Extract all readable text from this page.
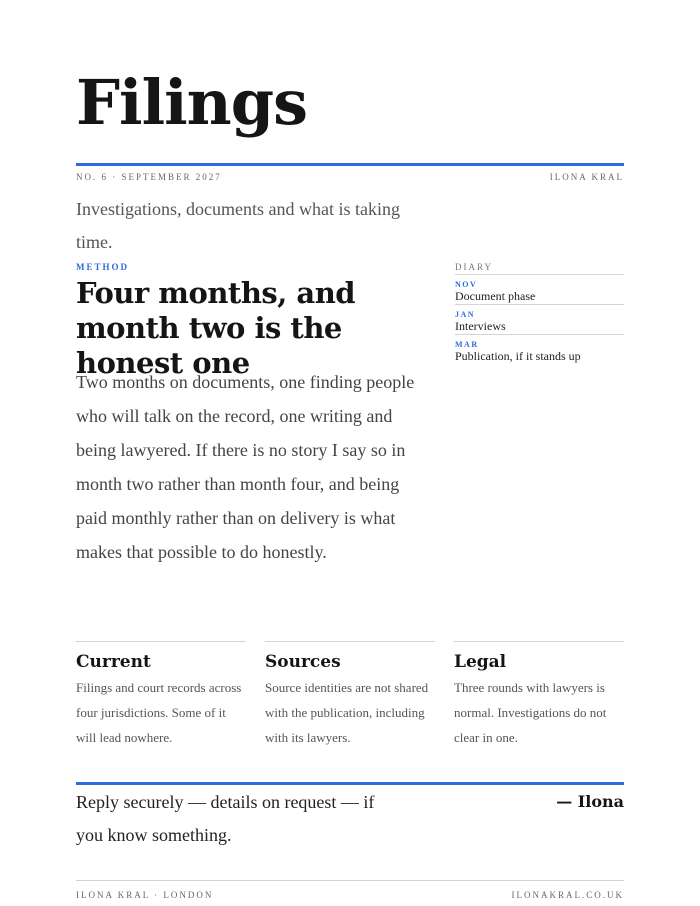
Filings
NO. 6 · SEPTEMBER 2027	ILONA KRAL

Investigations, documents and what is taking time.

METHOD
Four months, and month two is the honest one

Two months on documents, one finding people who will talk on the record, one writing and being lawyered. If there is no story I say so in month two rather than month four, and being paid monthly rather than on delivery is what makes that possible to do honestly.

DIARY
NOV
Document phase
JAN
Interviews
MAR
Publication, if it stands up
Current

Filings and court records across four jurisdictions. Some of it will lead nowhere.

Sources

Source identities are not shared with the publication, including with its lawyers.

Legal

Three rounds with lawyers is normal. Investigations do not clear in one.

Reply securely — details on request — if you know something.

— Ilona
ILONA KRAL · LONDON	ILONAKRAL.CO.UK
